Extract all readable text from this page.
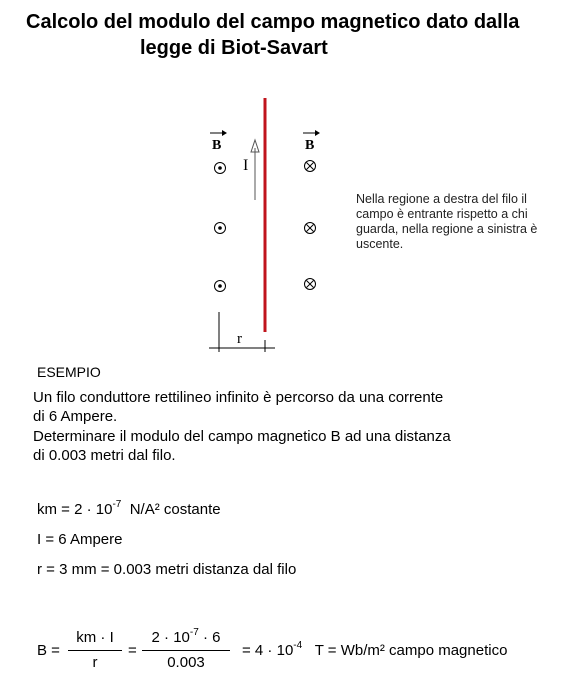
Calcolo del modulo del campo magnetico dato dalla
legge di Biot-Savart
I
B	B
r
Nella regione a destra del filo il campo è entrante rispetto a chi guarda, nella regione a sinistra è uscente.
ESEMPIO
Un filo conduttore rettilineo infinito è percorso da una corrente
di 6 Ampere.
Determinare il modulo del campo magnetico B ad una distanza
di 0.003 metri dal filo.
km = $2 \cdot 10^{-7}$ N/A² costante
I = 6 Ampere
r = 3 mm = 0.003 metri distanza dal filo
B =
km · I
r
=
$2 \cdot 10^{-7} \cdot 6$
0.003
= $4 \cdot 10^{-4}$ T = Wb/m² campo magnetico
